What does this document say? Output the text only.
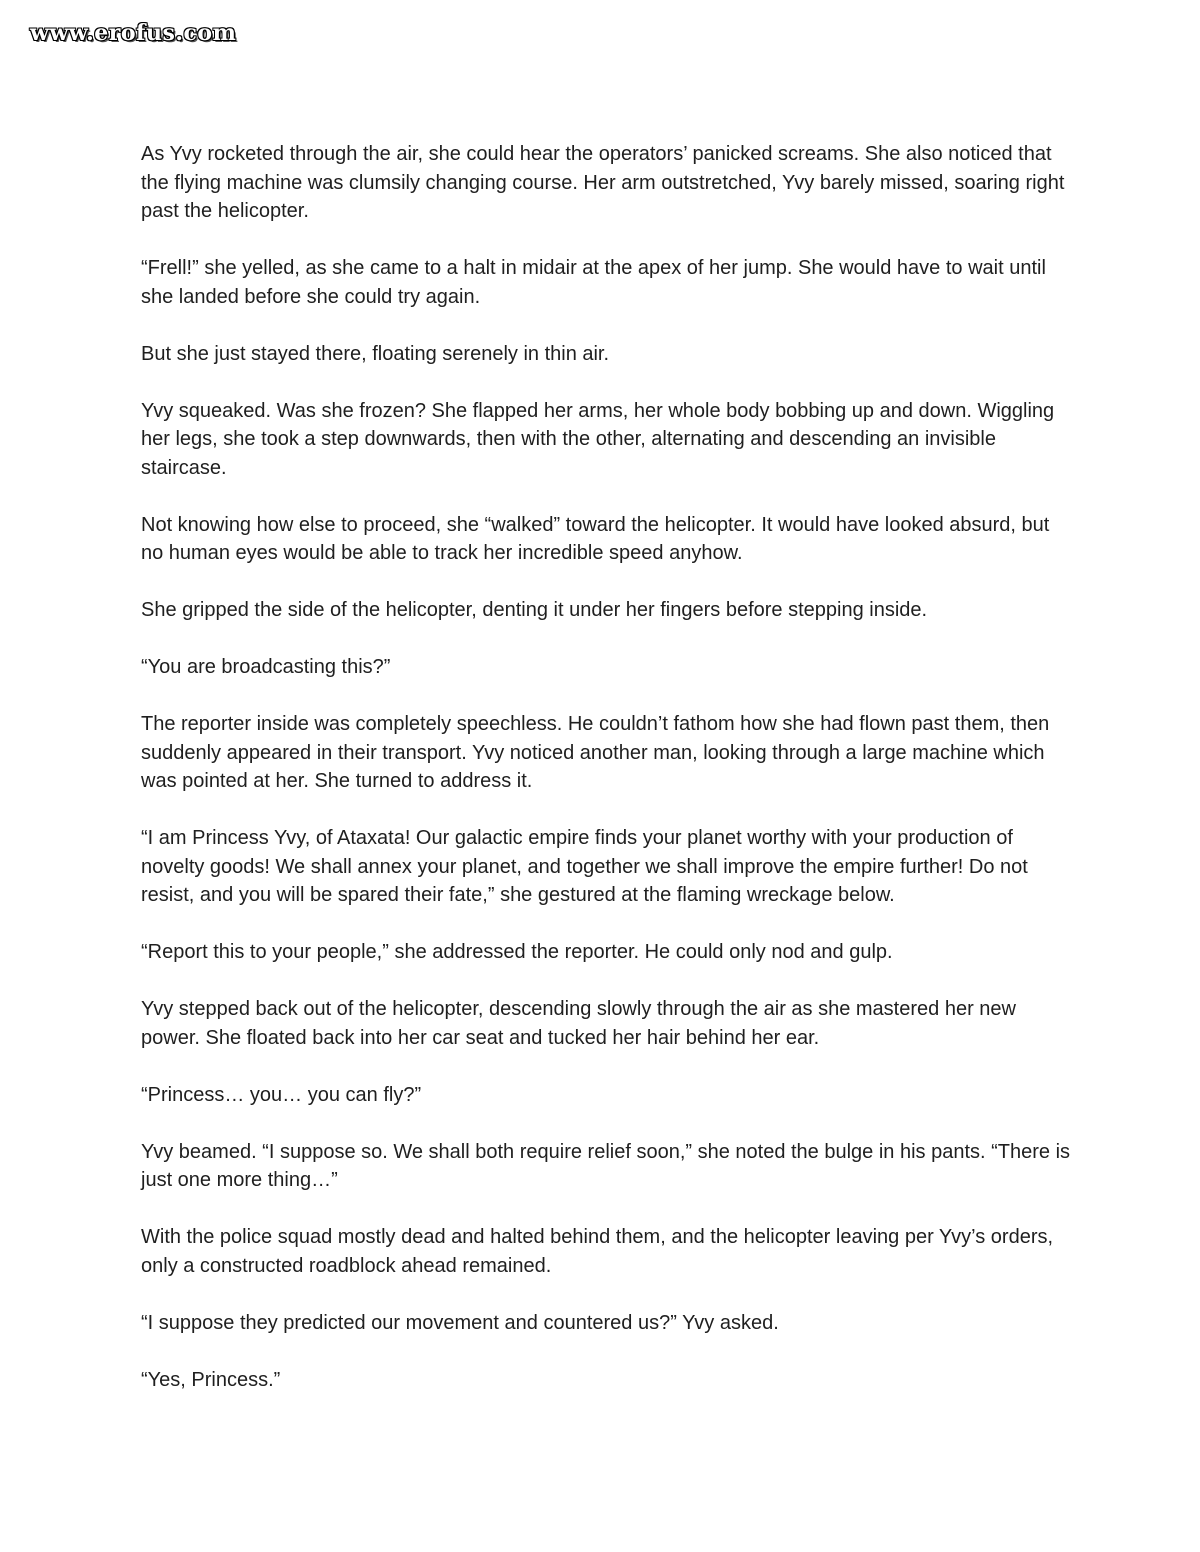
www.erofus.com

As Yvy rocketed through the air, she could hear the operators’ panicked screams. She also noticed that the flying machine was clumsily changing course. Her arm outstretched, Yvy barely missed, soaring right past the helicopter.

“Frell!” she yelled, as she came to a halt in midair at the apex of her jump. She would have to wait until she landed before she could try again.

But she just stayed there, floating serenely in thin air.

Yvy squeaked. Was she frozen? She flapped her arms, her whole body bobbing up and down. Wiggling her legs, she took a step downwards, then with the other, alternating and descending an invisible staircase.

Not knowing how else to proceed, she “walked” toward the helicopter. It would have looked absurd, but no human eyes would be able to track her incredible speed anyhow.

She gripped the side of the helicopter, denting it under her fingers before stepping inside.

“You are broadcasting this?”

The reporter inside was completely speechless. He couldn’t fathom how she had flown past them, then suddenly appeared in their transport. Yvy noticed another man, looking through a large machine which was pointed at her. She turned to address it.

“I am Princess Yvy, of Ataxata! Our galactic empire finds your planet worthy with your production of novelty goods! We shall annex your planet, and together we shall improve the empire further! Do not resist, and you will be spared their fate,” she gestured at the flaming wreckage below.

“Report this to your people,” she addressed the reporter. He could only nod and gulp.

Yvy stepped back out of the helicopter, descending slowly through the air as she mastered her new power. She floated back into her car seat and tucked her hair behind her ear.

“Princess… you… you can fly?”

Yvy beamed. “I suppose so. We shall both require relief soon,” she noted the bulge in his pants. “There is just one more thing…”

With the police squad mostly dead and halted behind them, and the helicopter leaving per Yvy’s orders, only a constructed roadblock ahead remained.

“I suppose they predicted our movement and countered us?” Yvy asked.

“Yes, Princess.”
